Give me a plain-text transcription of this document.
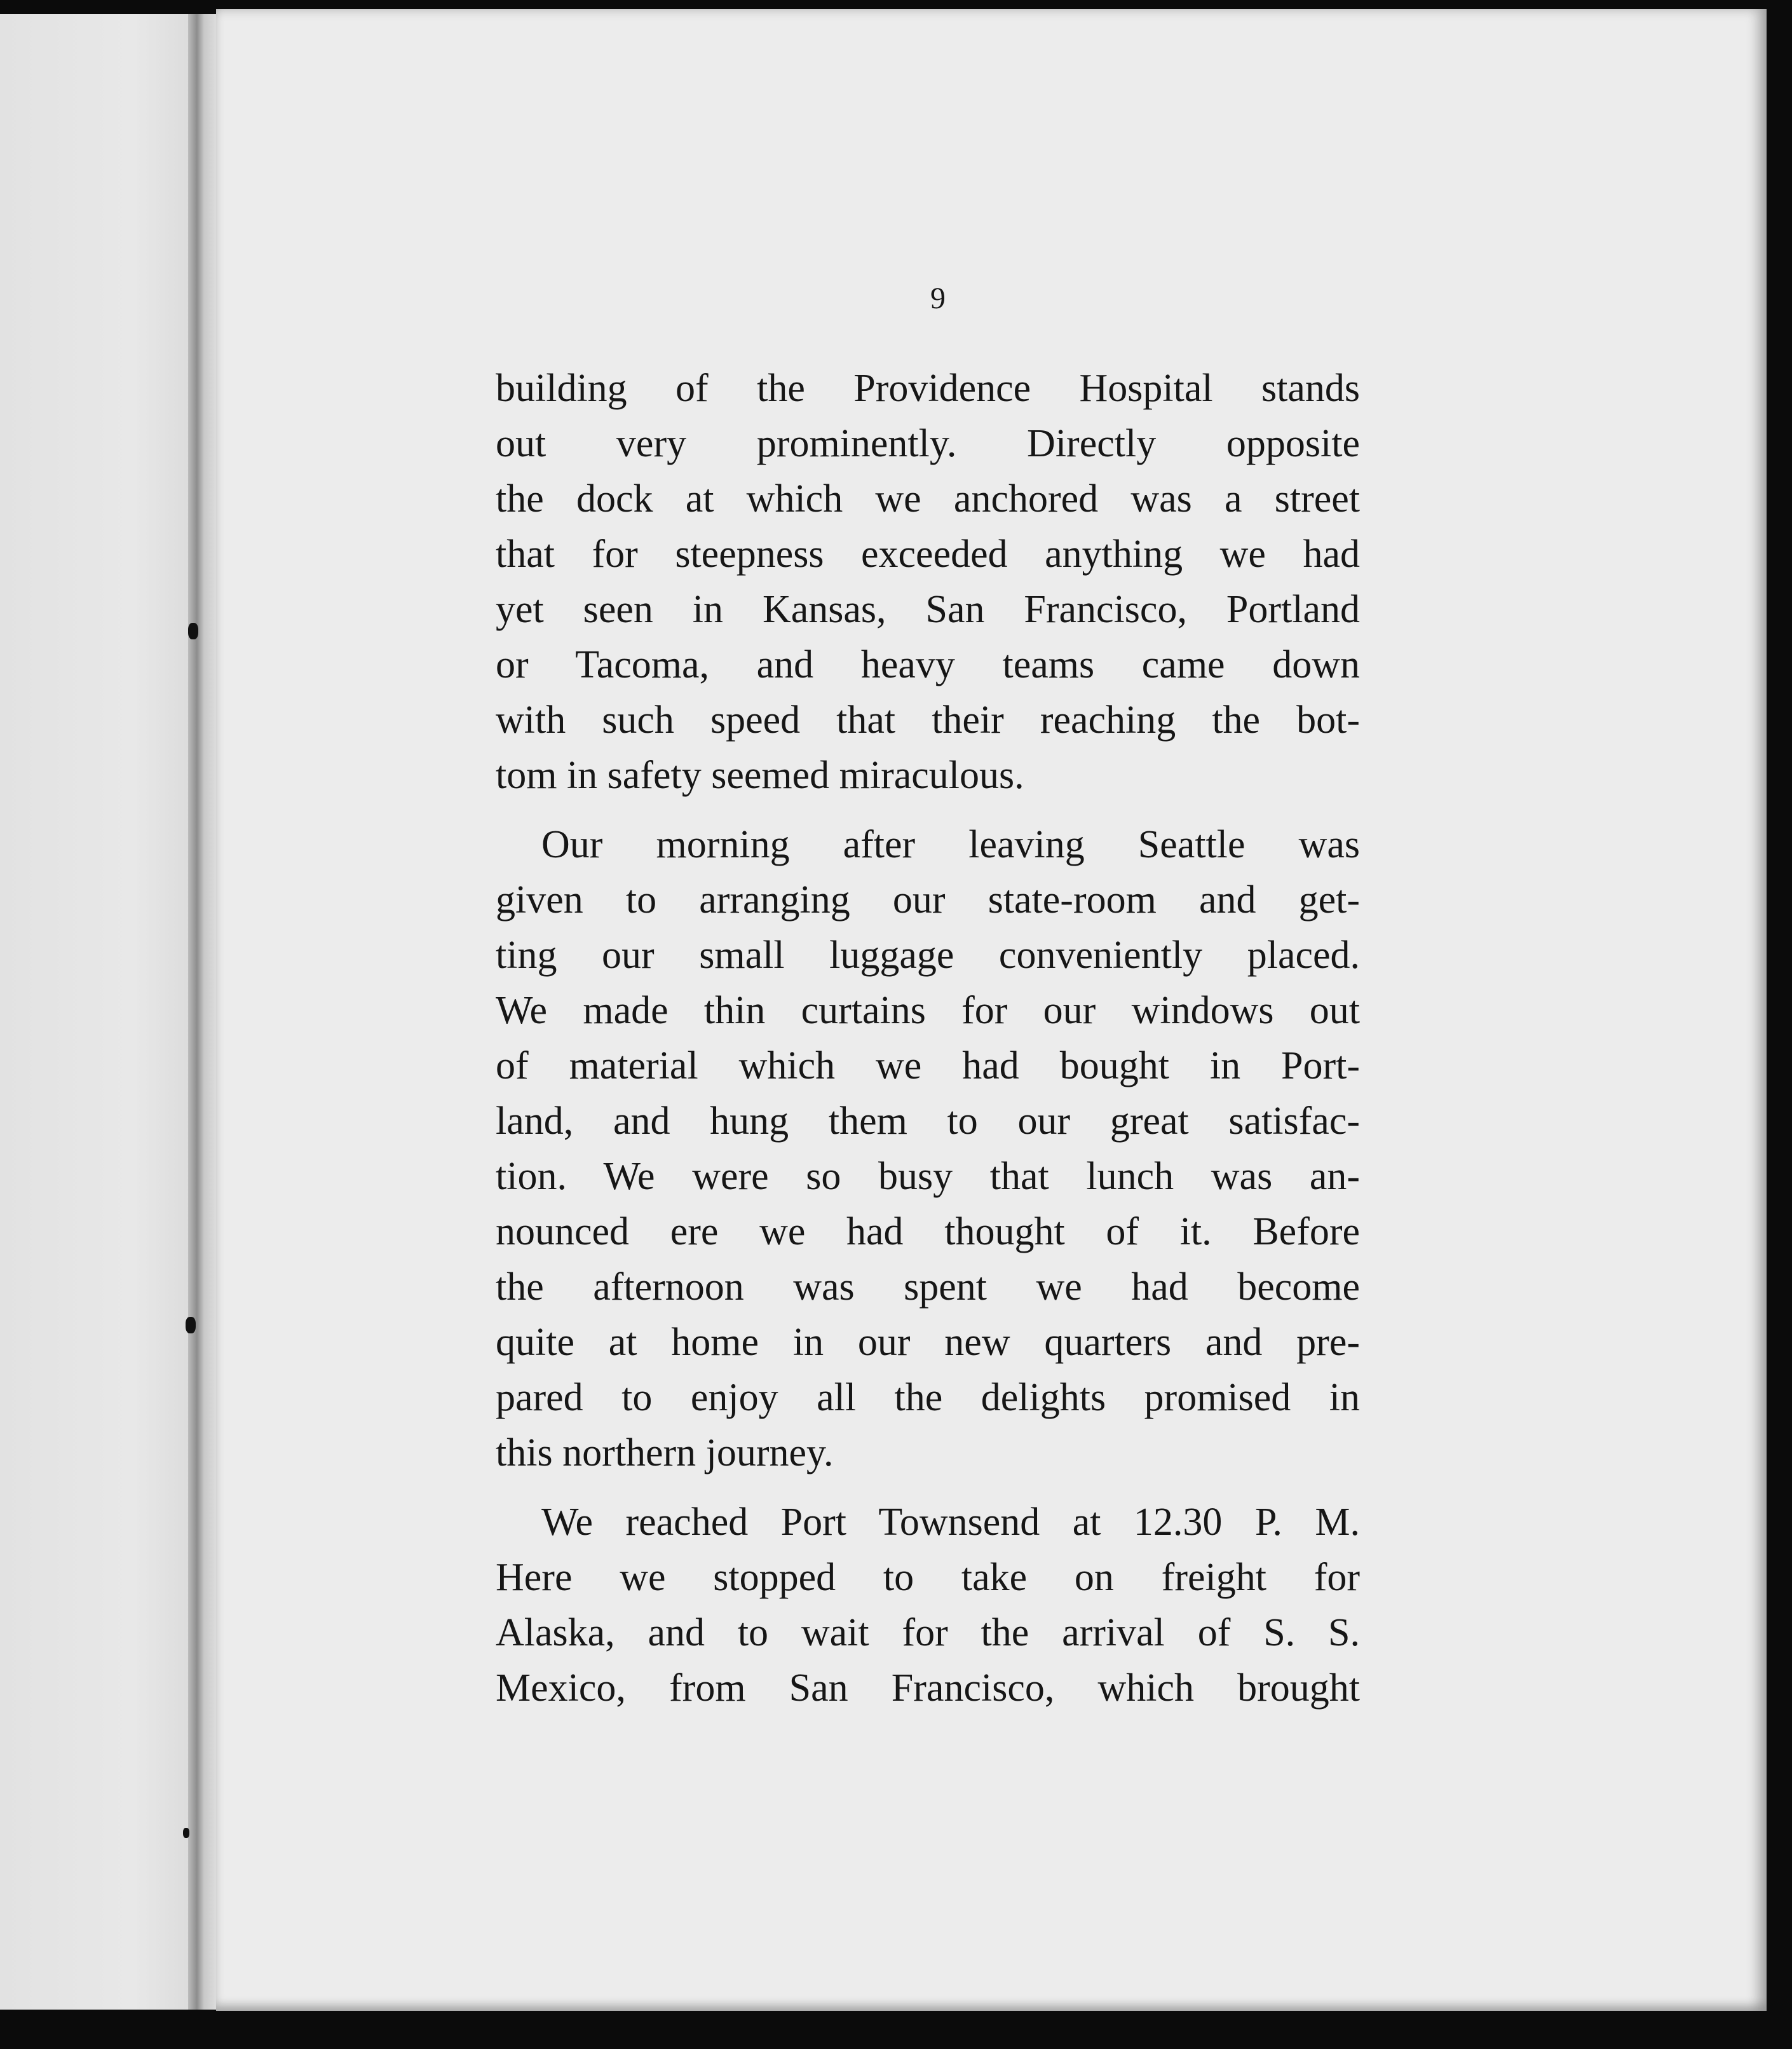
9

building of the Providence Hospital stands
out very prominently. Directly opposite
the dock at which we anchored was a street
that for steepness exceeded anything we had
yet seen in Kansas, San Francisco, Portland
or Tacoma, and heavy teams came down
with such speed that their reaching the bot-
tom in safety seemed miraculous.
Our morning after leaving Seattle was
given to arranging our state-room and get-
ting our small luggage conveniently placed.
We made thin curtains for our windows out
of material which we had bought in Port-
land, and hung them to our great satisfac-
tion. We were so busy that lunch was an-
nounced ere we had thought of it. Before
the afternoon was spent we had become
quite at home in our new quarters and pre-
pared to enjoy all the delights promised in
this northern journey.
We reached Port Townsend at 12.30 P. M.
Here we stopped to take on freight for
Alaska, and to wait for the arrival of S. S.
Mexico, from San Francisco, which brought
